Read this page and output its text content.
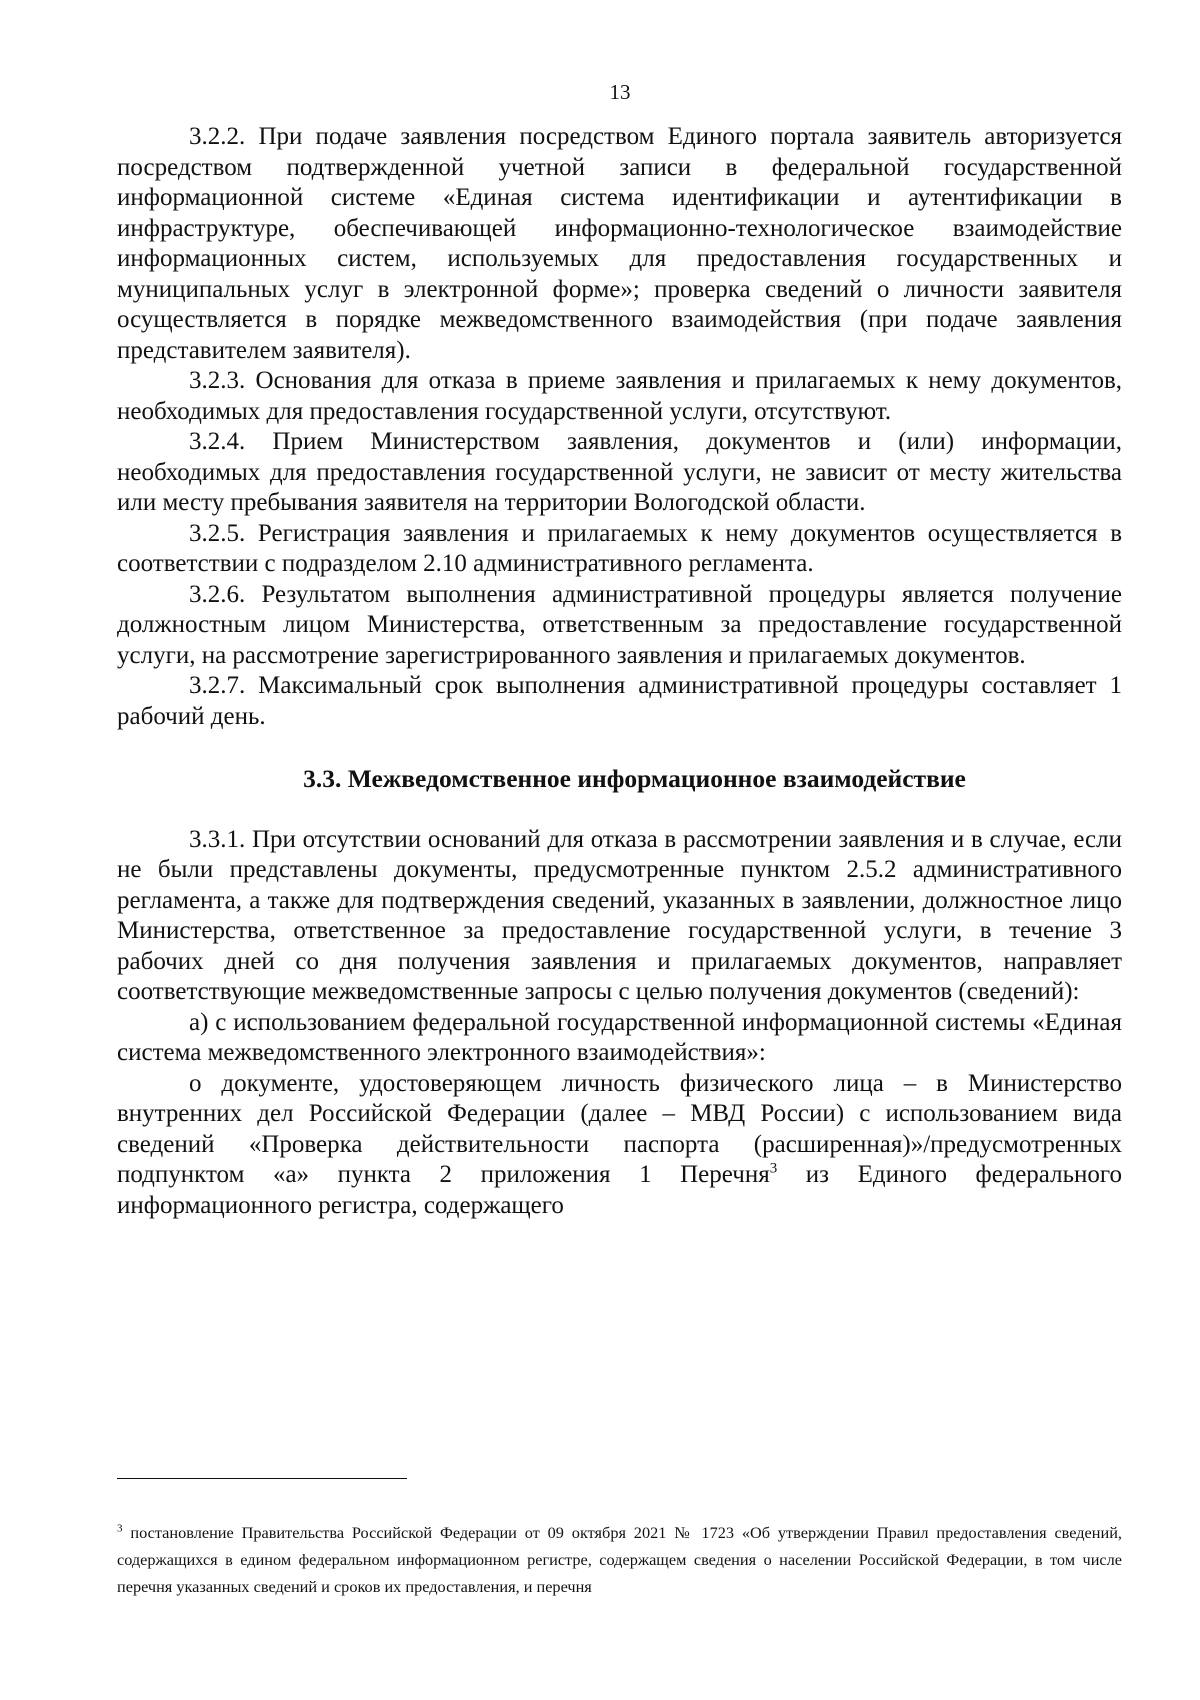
13

3.2.2. При подаче заявления посредством Единого портала заявитель авторизуется посредством подтвержденной учетной записи в федеральной государственной информационной системе «Единая система идентификации и аутентификации в инфраструктуре, обеспечивающей информационно-технологическое взаимодействие информационных систем, используемых для предоставления государственных и муниципальных услуг в электронной форме»; проверка сведений о личности заявителя осуществляется в порядке межведомственного взаимодействия (при подаче заявления представителем заявителя).

3.2.3. Основания для отказа в приеме заявления и прилагаемых к нему документов, необходимых для предоставления государственной услуги, отсутствуют.

3.2.4. Прием Министерством заявления, документов и (или) информации, необходимых для предоставления государственной услуги, не зависит от месту жительства или месту пребывания заявителя на территории Вологодской области.

3.2.5. Регистрация заявления и прилагаемых к нему документов осуществляется в соответствии с подразделом 2.10 административного регламента.

3.2.6. Результатом выполнения административной процедуры является получение должностным лицом Министерства, ответственным за предоставление государственной услуги, на рассмотрение зарегистрированного заявления и прилагаемых документов.

3.2.7. Максимальный срок выполнения административной процедуры составляет 1 рабочий день.

3.3. Межведомственное информационное взаимодействие

3.3.1. При отсутствии оснований для отказа в рассмотрении заявления и в случае, если не были представлены документы, предусмотренные пунктом 2.5.2 административного регламента, а также для подтверждения сведений, указанных в заявлении, должностное лицо Министерства, ответственное за предоставление государственной услуги, в течение 3 рабочих дней со дня получения заявления и прилагаемых документов, направляет соответствующие межведомственные запросы с целью получения документов (сведений):

а) с использованием федеральной государственной информационной системы «Единая система межведомственного электронного взаимодействия»:

о документе, удостоверяющем личность физического лица – в Министерство внутренних дел Российской Федерации (далее – МВД России) с использованием вида сведений «Проверка действительности паспорта (расширенная)»/предусмотренных подпунктом «а» пункта 2 приложения 1 Перечня$^3$ из Единого федерального информационного регистра, содержащего

$^3$ постановление Правительства Российской Федерации от 09 октября 2021 № 1723 «Об утверждении Правил предоставления сведений, содержащихся в едином федеральном информационном регистре, содержащем сведения о населении Российской Федерации, в том числе перечня указанных сведений и сроков их предоставления, и перечня
